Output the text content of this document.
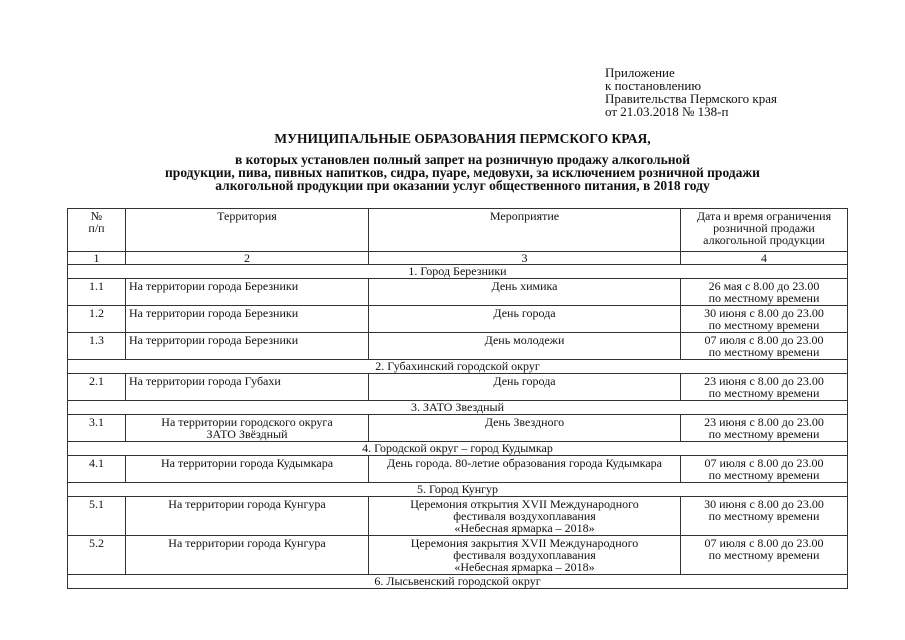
Приложение
к постановлению
Правительства Пермского края
от 21.03.2018 № 138-п
МУНИЦИПАЛЬНЫЕ ОБРАЗОВАНИЯ ПЕРМСКОГО КРАЯ,
в которых установлен полный запрет на розничную продажу алкогольной
продукции, пива, пивных напитков, сидра, пуаре, медовухи, за исключением розничной продажи
алкогольной продукции при оказании услуг общественного питания, в 2018 году
№
п/п	Территория	Мероприятие	Дата и время ограничения
розничной продажи
алкогольной продукции

1	2	3	4
1. Город Березники			
1.1	На территории города Березники	День химика	26 мая с 8.00 до 23.00
по местному времени

1.2	На территории города Березники	День города	30 июня с 8.00 до 23.00
по местному времени

1.3	На территории города Березники	День молодежи	07 июля с 8.00 до 23.00
по местному времени

2. Губахинский городской округ			
2.1	На территории города Губахи	День города	23 июня с 8.00 до 23.00
по местному времени

3. ЗАТО Звездный			
3.1	На территории городского округа
ЗАТО Звёздный	День Звездного	23 июня с 8.00 до 23.00
по местному времени

4. Городской округ – город Кудымкар			
4.1	На территории города Кудымкара	День города. 80-летие образования города Кудымкара	07 июля с 8.00 до 23.00
по местному времени

5. Город Кунгур			
5.1	На территории города Кунгура	Церемония открытия XVII Международного
фестиваля воздухоплавания
«Небесная ярмарка – 2018»	30 июня с 8.00 до 23.00
по местному времени

5.2	На территории города Кунгура	Церемония закрытия XVII Международного
фестиваля воздухоплавания
«Небесная ярмарка – 2018»	07 июля с 8.00 до 23.00
по местному времени

6. Лысьвенский городской округ			
